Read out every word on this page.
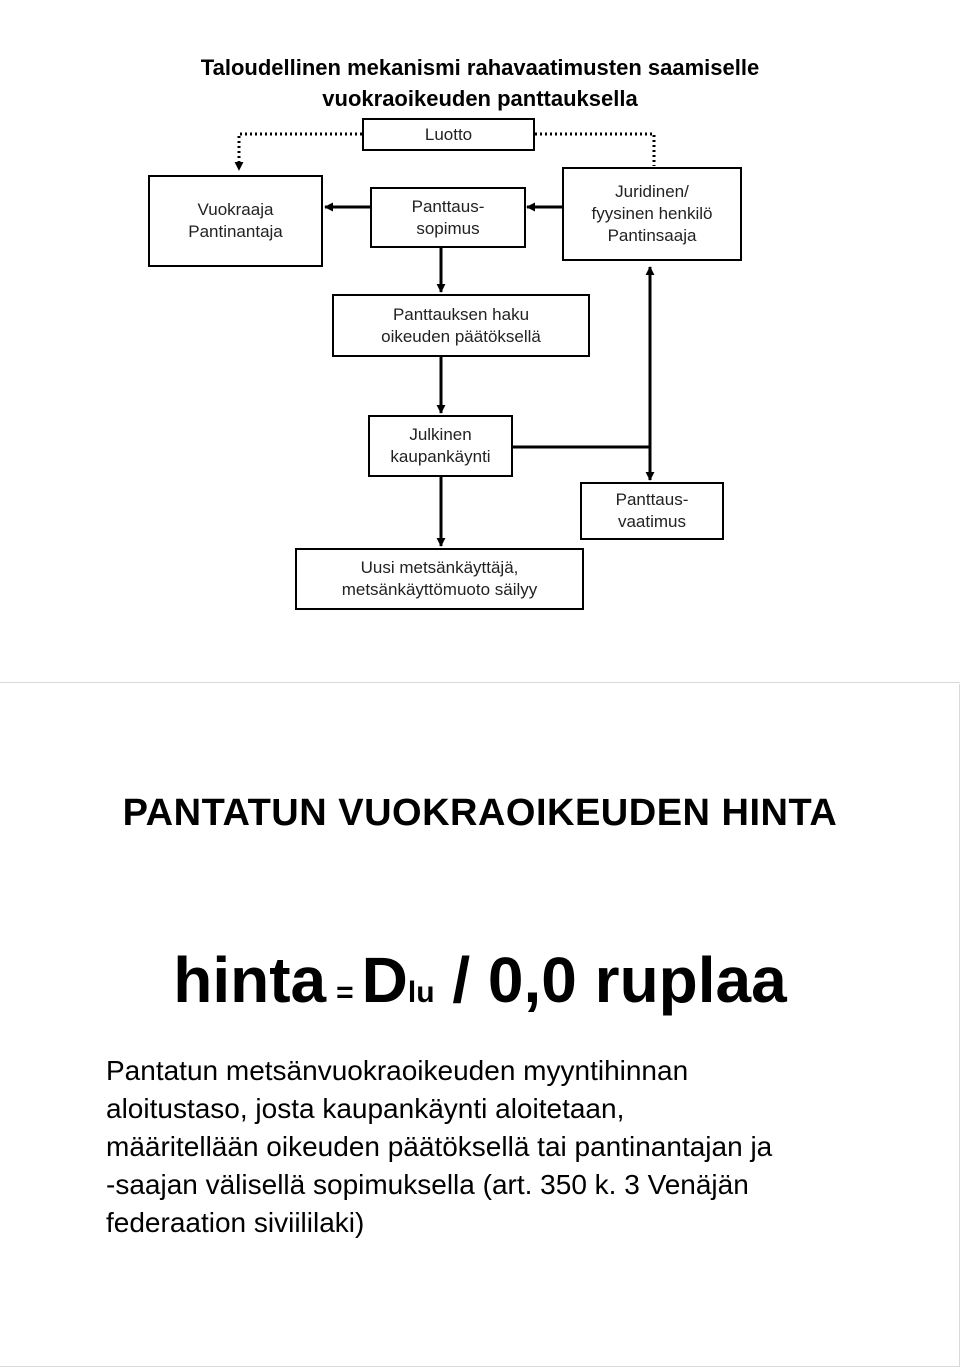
Taloudellinen mekanismi rahavaatimusten saamiselle
vuokraoikeuden panttauksella
Luotto
Vuokraaja
Pantinantaja
Panttaus-
sopimus
Juridinen/
fyysinen henkilö
Pantinsaaja
Panttauksen haku
oikeuden päätöksellä
Julkinen
kaupankäynti
Panttaus-
vaatimus
Uusi metsänkäyttäjä,
metsänkäyttömuoto säilyy
PANTATUN VUOKRAOIKEUDEN HINTA
hinta = Dlu / 0,0 ruplaa
Pantatun metsänvuokraoikeuden myyntihinnan
aloitustaso, josta kaupankäynti aloitetaan,
määritellään oikeuden päätöksellä tai pantinantajan ja
-saajan välisellä sopimuksella (art. 350 k. 3 Venäjän
federaation siviililaki)
